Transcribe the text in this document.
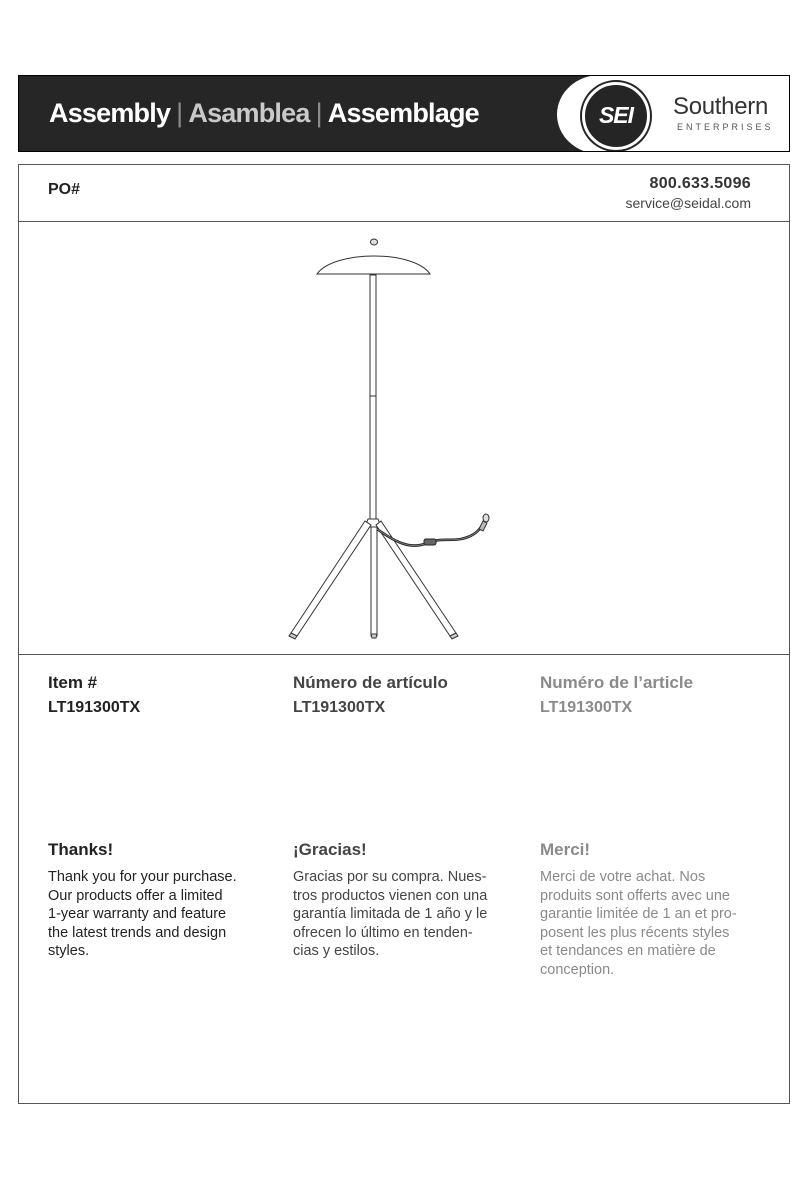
Assembly | Asamblea | Assemblage	SEI	Southern
ENTERPRISES
PO#	800.633.5096
service@seidal.com

Item #

LT191300TX

Número de artículo

LT191300TX

Numéro de l’article

LT191300TX

Thanks!

Thank you for your purchase.
Our products offer a limited
1-year warranty and feature
the latest trends and design
styles.

¡Gracias!

Gracias por su compra. Nues-
tros productos vienen con una
garantía limitada de 1 año y le
ofrecen lo último en tenden-
cias y estilos.

Merci!

Merci de votre achat. Nos
produits sont offerts avec une
garantie limitée de 1 an et pro-
posent les plus récents styles
et tendances en matière de
conception.
